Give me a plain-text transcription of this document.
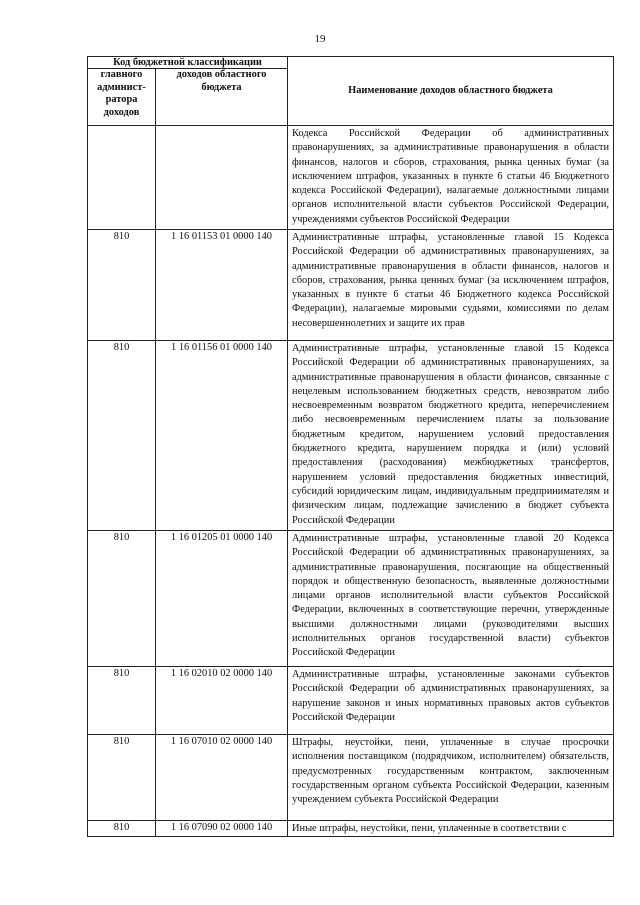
19
Код бюджетной классификации		Наименование доходов областного бюджета
главного админист-ратора доходов	доходов областного бюджета	
		Кодекса Российской Федерации об административных правонарушениях, за административные правонарушения в области финансов, налогов и сборов, страхования, рынка ценных бумаг (за исключением штрафов, указанных в пункте 6 статьи 46 Бюджетного кодекса Российской Федерации), налагаемые должностными лицами органов исполнительной власти субъектов Российской Федерации, учреждениями субъектов Российской Федерации
810	1 16 01153 01 0000 140	Административные штрафы, установленные главой 15 Кодекса Российской Федерации об административных правонарушениях, за административные правонарушения в области финансов, налогов и сборов, страхования, рынка ценных бумаг (за исключением штрафов, указанных в пункте 6 статьи 46 Бюджетного кодекса Российской Федерации), налагаемые мировыми судьями, комиссиями по делам несовершеннолетних и защите их прав
810	1 16 01156 01 0000 140	Административные штрафы, установленные главой 15 Кодекса Российской Федерации об административных правонарушениях, за административные правонарушения в области финансов, связанные с нецелевым использованием бюджетных средств, невозвратом либо несвоевременным возвратом бюджетного кредита, неперечислением либо несвоевременным перечислением платы за пользование бюджетным кредитом, нарушением условий предоставления бюджетного кредита, нарушением порядка и (или) условий предоставления (расходования) межбюджетных трансфертов, нарушением условий предоставления бюджетных инвестиций, субсидий юридическим лицам, индивидуальным предпринимателям и физическим лицам, подлежащие зачислению в бюджет субъекта Российской Федерации
810	1 16 01205 01 0000 140	Административные штрафы, установленные главой 20 Кодекса Российской Федерации об административных правонарушениях, за административные правонарушения, посягающие на общественный порядок и общественную безопасность, выявленные должностными лицами органов исполнительной власти субъектов Российской Федерации, включенных в соответствующие перечни, утвержденные высшими должностными лицами (руководителями высших исполнительных органов государственной власти) субъектов Российской Федерации
810	1 16 02010 02 0000 140	Административные штрафы, установленные законами субъектов Российской Федерации об административных правонарушениях, за нарушение законов и иных нормативных правовых актов субъектов Российской Федерации
810	1 16 07010 02 0000 140	Штрафы, неустойки, пени, уплаченные в случае просрочки исполнения поставщиком (подрядчиком, исполнителем) обязательств, предусмотренных государственным контрактом, заключенным государственным органом субъекта Российской Федерации, казенным учреждением субъекта Российской Федерации
810	1 16 07090 02 0000 140	Иные штрафы, неустойки, пени, уплаченные в соответствии с
